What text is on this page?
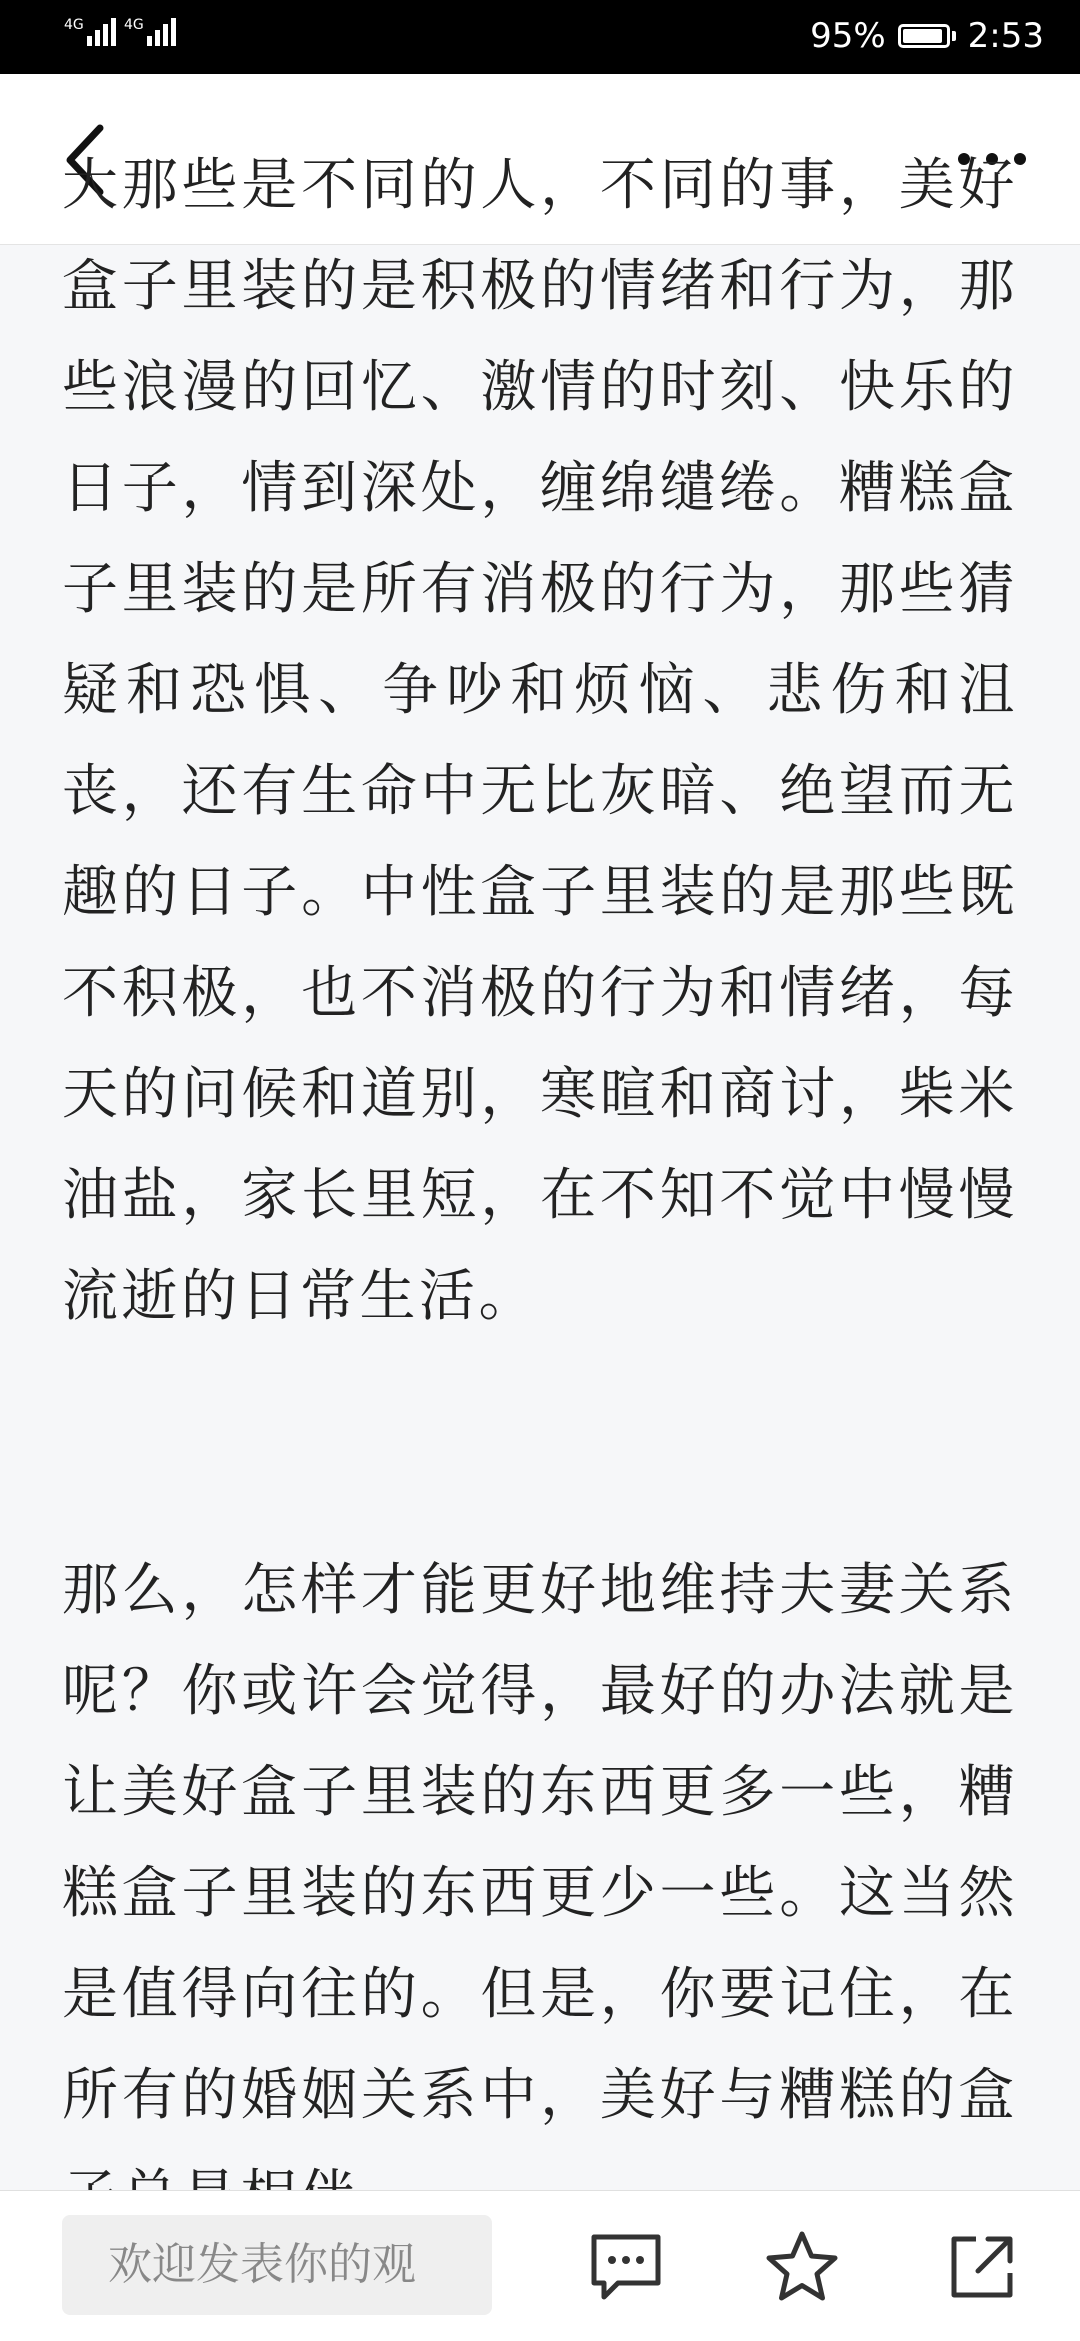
4G	4G	95% 2:53

大那些是不同的人，不同的事，美好盒子里装的是积极的情绪和行为，那些浪漫的回忆、激情的时刻、快乐的日子，情到深处，缠绵缱绻。糟糕盒子里装的是所有消极的行为，那些猜疑和恐惧、争吵和烦恼、悲伤和沮丧，还有生命中无比灰暗、绝望而无趣的日子。中性盒子里装的是那些既不积极，也不消极的行为和情绪，每天的问候和道别，寒暄和商讨，柴米油盐，家长里短，在不知不觉中慢慢流逝的日常生活。

那么，怎样才能更好地维持夫妻关系呢？你或许会觉得，最好的办法就是让美好盒子里装的东西更多一些，糟糕盒子里装的东西更少一些。这当然是值得向往的。但是，你要记住，在所有的婚姻关系中，美好与糟糕的盒

欢迎发表你的观
